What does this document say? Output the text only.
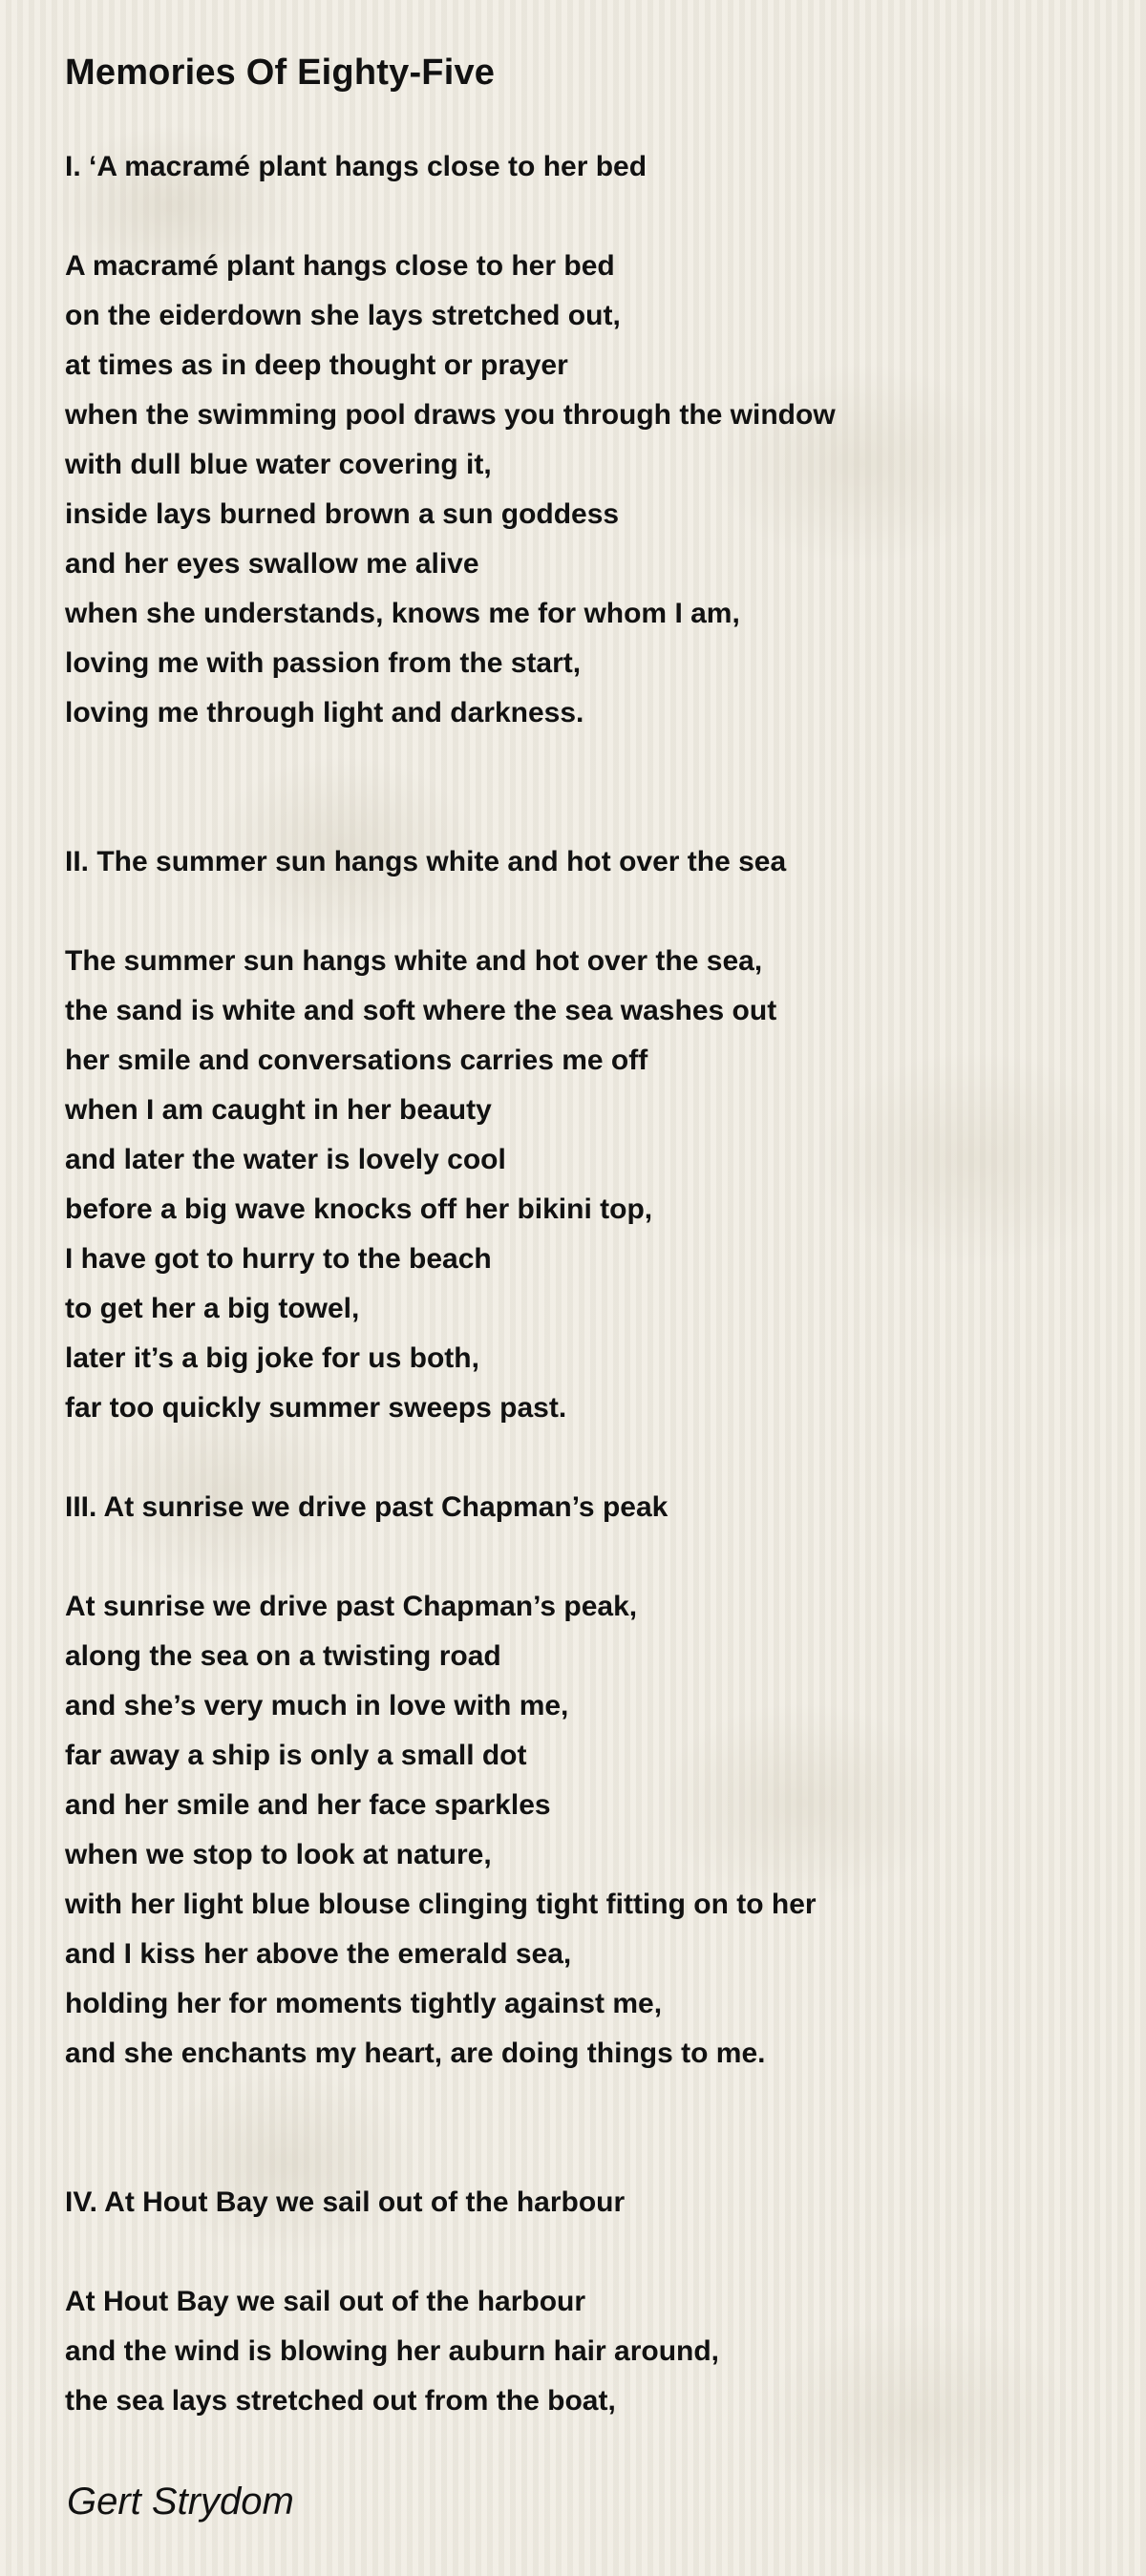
Memories Of Eighty-Five
I. ‘A macramé plant hangs close to her bed
A macramé plant hangs close to her bed
on the eiderdown she lays stretched out,
at times as in deep thought or prayer
when the swimming pool draws you through the window
with dull blue water covering it,
inside lays burned brown a sun goddess
and her eyes swallow me alive
when she understands, knows me for whom I am,
loving me with passion from the start,
loving me through light and darkness.
II. The summer sun hangs white and hot over the sea
The summer sun hangs white and hot over the sea,
the sand is white and soft where the sea washes out
her smile and conversations carries me off
when I am caught in her beauty
and later the water is lovely cool
before a big wave knocks off her bikini top,
I have got to hurry to the beach
to get her a big towel,
later it’s a big joke for us both,
far too quickly summer sweeps past.
III. At sunrise we drive past Chapman’s peak
At sunrise we drive past Chapman’s peak,
along the sea on a twisting road
and she’s very much in love with me,
far away a ship is only a small dot
and her smile and her face sparkles
when we stop to look at nature,
with her light blue blouse clinging tight fitting on to her
and I kiss her above the emerald sea,
holding her for moments tightly against me,
and she enchants my heart, are doing things to me.
IV. At Hout Bay we sail out of the harbour
At Hout Bay we sail out of the harbour
and the wind is blowing her auburn hair around,
the sea lays stretched out from the boat,
Gert Strydom
